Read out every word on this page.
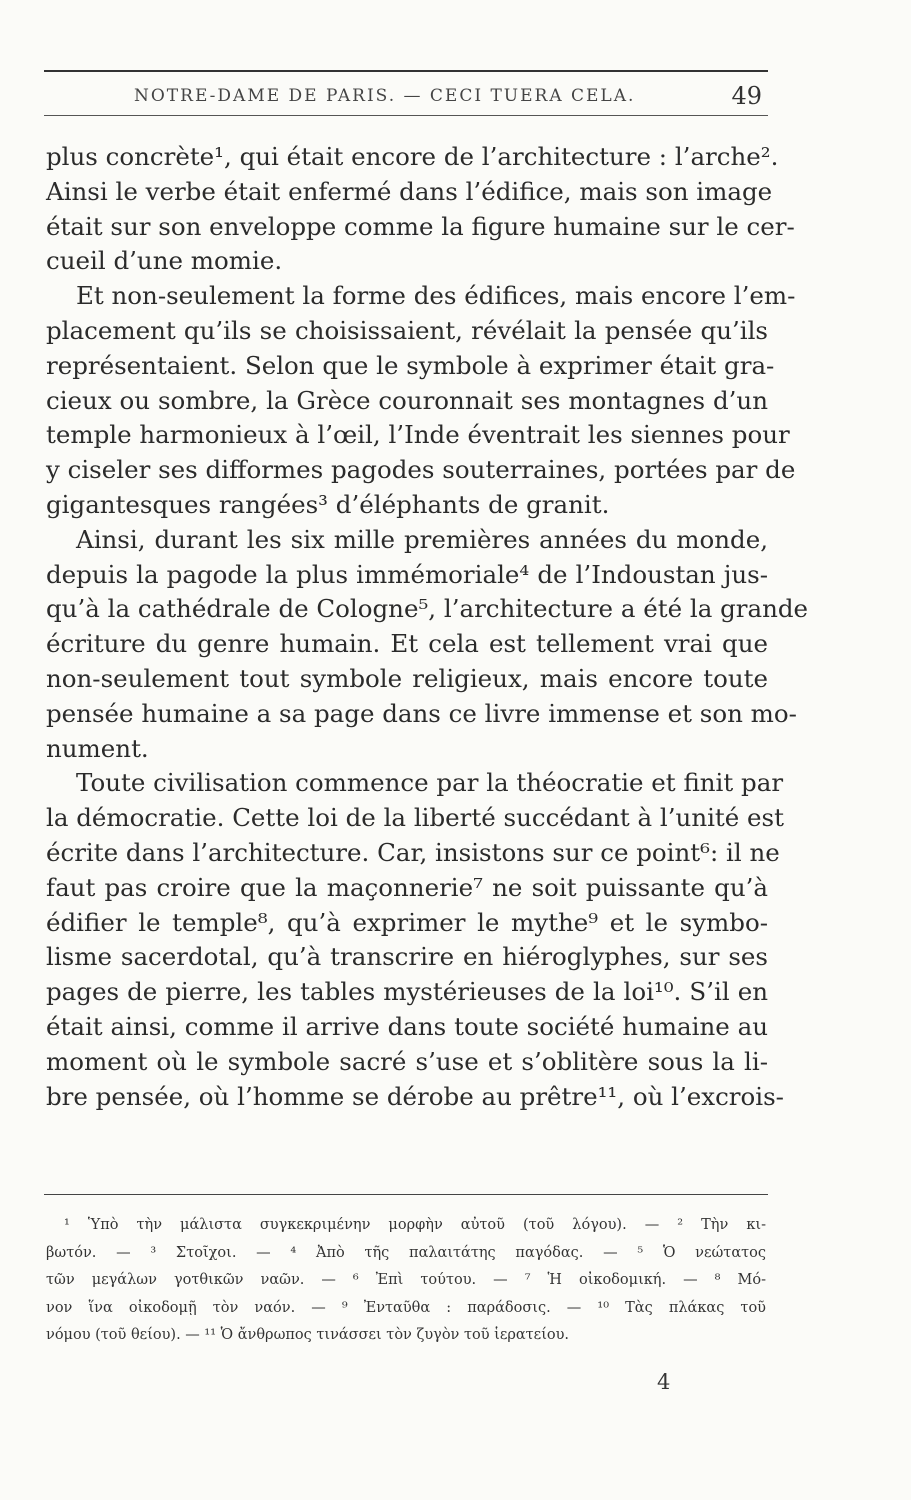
NOTRE-DAME DE PARIS. — CECI TUERA CELA.	49
plus concrète¹, qui était encore de l’architecture : l’arche².
Ainsi le verbe était enfermé dans l’édifice, mais son image
était sur son enveloppe comme la figure humaine sur le cer-
cueil d’une momie.
Et non-seulement la forme des édifices, mais encore l’em-
placement qu’ils se choisissaient, révélait la pensée qu’ils
représentaient. Selon que le symbole à exprimer était gra-
cieux ou sombre, la Grèce couronnait ses montagnes d’un
temple harmonieux à l’œil, l’Inde éventrait les siennes pour
y ciseler ses difformes pagodes souterraines, portées par de
gigantesques rangées³ d’éléphants de granit.
Ainsi, durant les six mille premières années du monde,
depuis la pagode la plus immémoriale⁴ de l’Indoustan jus-
qu’à la cathédrale de Cologne⁵, l’architecture a été la grande
écriture du genre humain. Et cela est tellement vrai que
non-seulement tout symbole religieux, mais encore toute
pensée humaine a sa page dans ce livre immense et son mo-
nument.
Toute civilisation commence par la théocratie et finit par
la démocratie. Cette loi de la liberté succédant à l’unité est
écrite dans l’architecture. Car, insistons sur ce point⁶: il ne
faut pas croire que la maçonnerie⁷ ne soit puissante qu’à
édifier le temple⁸, qu’à exprimer le mythe⁹ et le symbo-
lisme sacerdotal, qu’à transcrire en hiéroglyphes, sur ses
pages de pierre, les tables mystérieuses de la loi¹⁰. S’il en
était ainsi, comme il arrive dans toute société humaine au
moment où le symbole sacré s’use et s’oblitère sous la li-
bre pensée, où l’homme se dérobe au prêtre¹¹, où l’excrois-
¹ Ὑπὸ τὴν μάλιστα συγκεκριμένην μορφὴν αὐτοῦ (τοῦ λόγου). — ² Τὴν κι-
βωτόν. — ³ Στοῖχοι. — ⁴ Ἀπὸ τῆς παλαιτάτης παγόδας. — ⁵ Ὁ νεώτατος
τῶν μεγάλων γοτθικῶν ναῶν. — ⁶ Ἐπὶ τούτου. — ⁷ Ἡ οἰκοδομική. — ⁸ Μό-
νον ἵνα οἰκοδομῇ τὸν ναόν. — ⁹ Ἐνταῦθα : παράδοσις. — ¹⁰ Τὰς πλάκας τοῦ
νόμου (τοῦ θείου). — ¹¹ Ὁ ἄνθρωπος τινάσσει τὸν ζυγὸν τοῦ ἱερατείου.
4
